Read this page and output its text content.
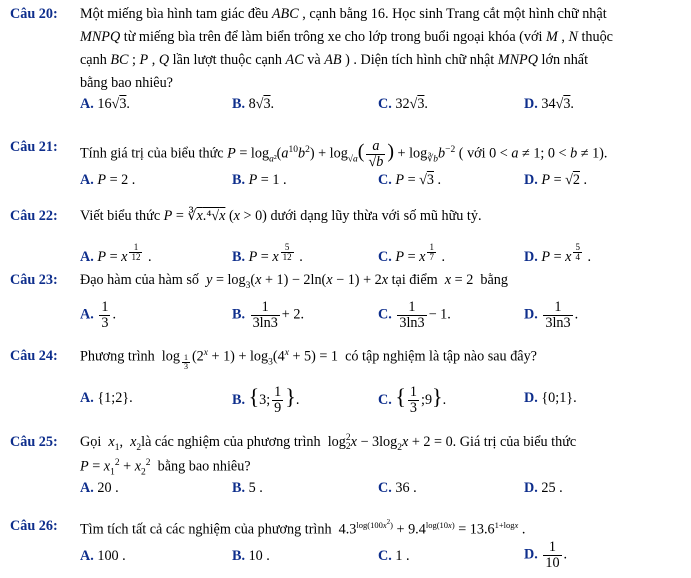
Câu 20: Một miếng bìa hình tam giác đều ABC , cạnh bằng 16. Học sinh Trang cắt một hình chữ nhật
MNPQ từ miếng bìa trên để làm biển trông xe cho lớp trong buổi ngoại khóa (với M , N thuộc
cạnh BC ; P , Q lần lượt thuộc cạnh AC và AB ) . Diện tích hình chữ nhật MNPQ lớn nhất
bằng bao nhiêu?
A. 16√3.	B. 8√3.	C. 32√3.	D. 34√3.
Câu 21: Tính giá trị của biểu thức $P = \log_{a^2}(a^{10}b^2) + \log_{√a}( \frac{a}{√b}$ ) + $\log_{∛b}b^{-2}$ ( với 0 < a ≠ 1; 0 < b ≠ 1).
A. P = 2 .	B. P = 1 .	C. P = √3 .	D. P = √2 .
Câu 22: Viết biểu thức P = ∛x.⁴√x (x > 0) dưới dạng lũy thừa với số mũ hữu tỷ.
A. P = x $^{\frac{1}{12}}$ .	B. P = x $^{\frac{5}{12}}$ .	C. P = x $^{\frac{1}{7}}$ .	D. P = x $^{\frac{5}{4}}$ .
Câu 23: Đạo hàm của hàm số  $y = \log_3(x + 1) - 2\ln(x - 1) + 2x$ tại điểm  x = 2  bằng
A. $\frac{1}{3}$ .	B. $\frac{1}{3\ln 3} + 2$.	C. $\frac{1}{3\ln 3} - 1$.	D. $\frac{1}{3\ln 3}$ .
Câu 24: Phương trình  log $_{\frac{1}{3}}$ $(2^x + 1) + \log_3(4^x + 5) = 1$  có tập nghiệm là tập nào sau đây?
A. {1;2}.	B. {3; $\frac{1}{9}$ }.	C. { $\frac{1}{3}$ ;9}.	D. {0;1}.
Câu 25: Gọi  $x_1$,  $x_2là$ các nghiệm của phương trình  log 2
2 $x - 3\log_2x + 2 = 0$. Giá trị của biểu thức
$P = x_1^2 + x_2^2$  bằng bao nhiêu?
A. 20 .	B. 5 .	C. 36 .	D. 25 .
Câu 26: Tìm tích tất cả các nghiệm của phương trình  $4.3^{log(100x^2)} + 9.4^{log(10x)} = 13.6^{1+logx}$ .
A. 100 .	B. 10 .	C. 1 .	D. $\frac{1}{10}$ .
